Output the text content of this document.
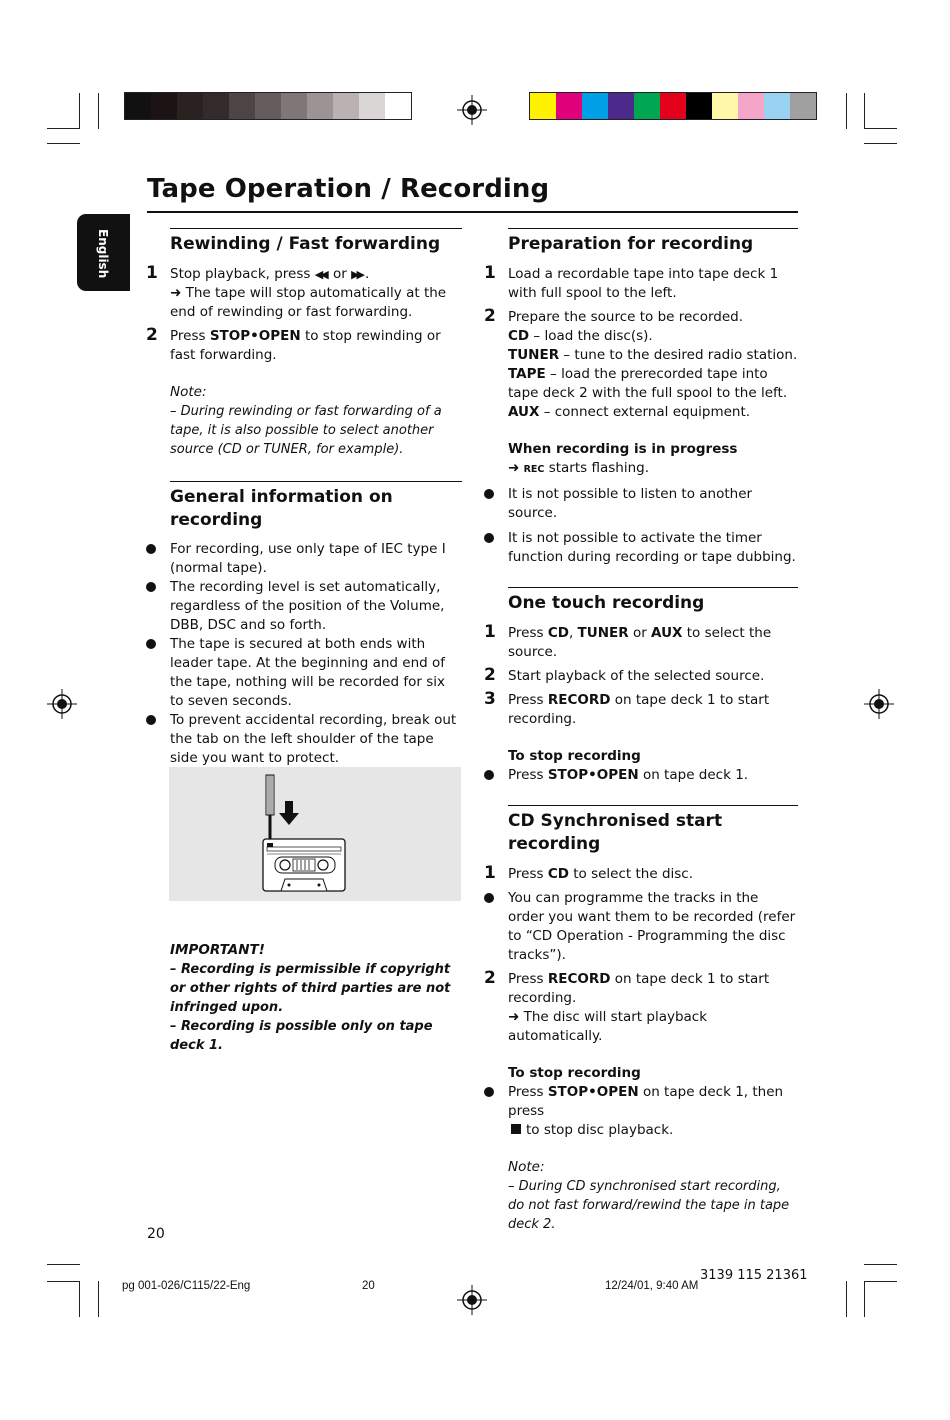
Tape Operation / Recording
English	Rewinding / Fast forwarding
1 Stop playback, press ◀◀ or ▶▶ .
➜ The tape will stop automatically at the end of rewinding or fast forwarding.
2 Press STOP•OPEN to stop rewinding or fast forwarding.
Note:
– During rewinding or fast forwarding of a tape, it is also possible to select another source (CD or TUNER, for example).
General information on recording
For recording, use only tape of IEC type I (normal tape).
The recording level is set automatically, regardless of the position of the Volume, DBB, DSC and so forth.
The tape is secured at both ends with leader tape. At the beginning and end of the tape, nothing will be recorded for six to seven seconds.
To prevent accidental recording, break out the tab on the left shoulder of the tape side you want to protect.
IMPORTANT!
– Recording is permissible if copyright or other rights of third parties are not infringed upon.
– Recording is possible only on tape deck 1.
Preparation for recording
1 Load a recordable tape into tape deck 1 with full spool to the left.
2 Prepare the source to be recorded.
CD – load the disc(s).
TUNER – tune to the desired radio station.
TAPE – load the prerecorded tape into tape deck 2 with the full spool to the left.
AUX – connect external equipment.
When recording is in progress
➜ REC starts flashing.
It is not possible to listen to another source.
It is not possible to activate the timer function during recording or tape dubbing.
One touch recording
1 Press CD, TUNER or AUX to select the source.
2 Start playback of the selected source.
3 Press RECORD on tape deck 1 to start recording.
To stop recording
Press STOP•OPEN on tape deck 1.
CD Synchronised start recording
1 Press CD to select the disc.
You can programme the tracks in the order you want them to be recorded (refer to “CD Operation - Programming the disc tracks”).
2 Press RECORD on tape deck 1 to start recording.
➜ The disc will start playback automatically.
To stop recording
Press STOP•OPEN on tape deck 1, then press
to stop disc playback.
Note:
– During CD synchronised start recording, do not fast forward/rewind the tape in tape deck 2.
20
3139 115 21361
pg 001-026/C115/22-Eng	20	12/24/01, 9:40 AM
